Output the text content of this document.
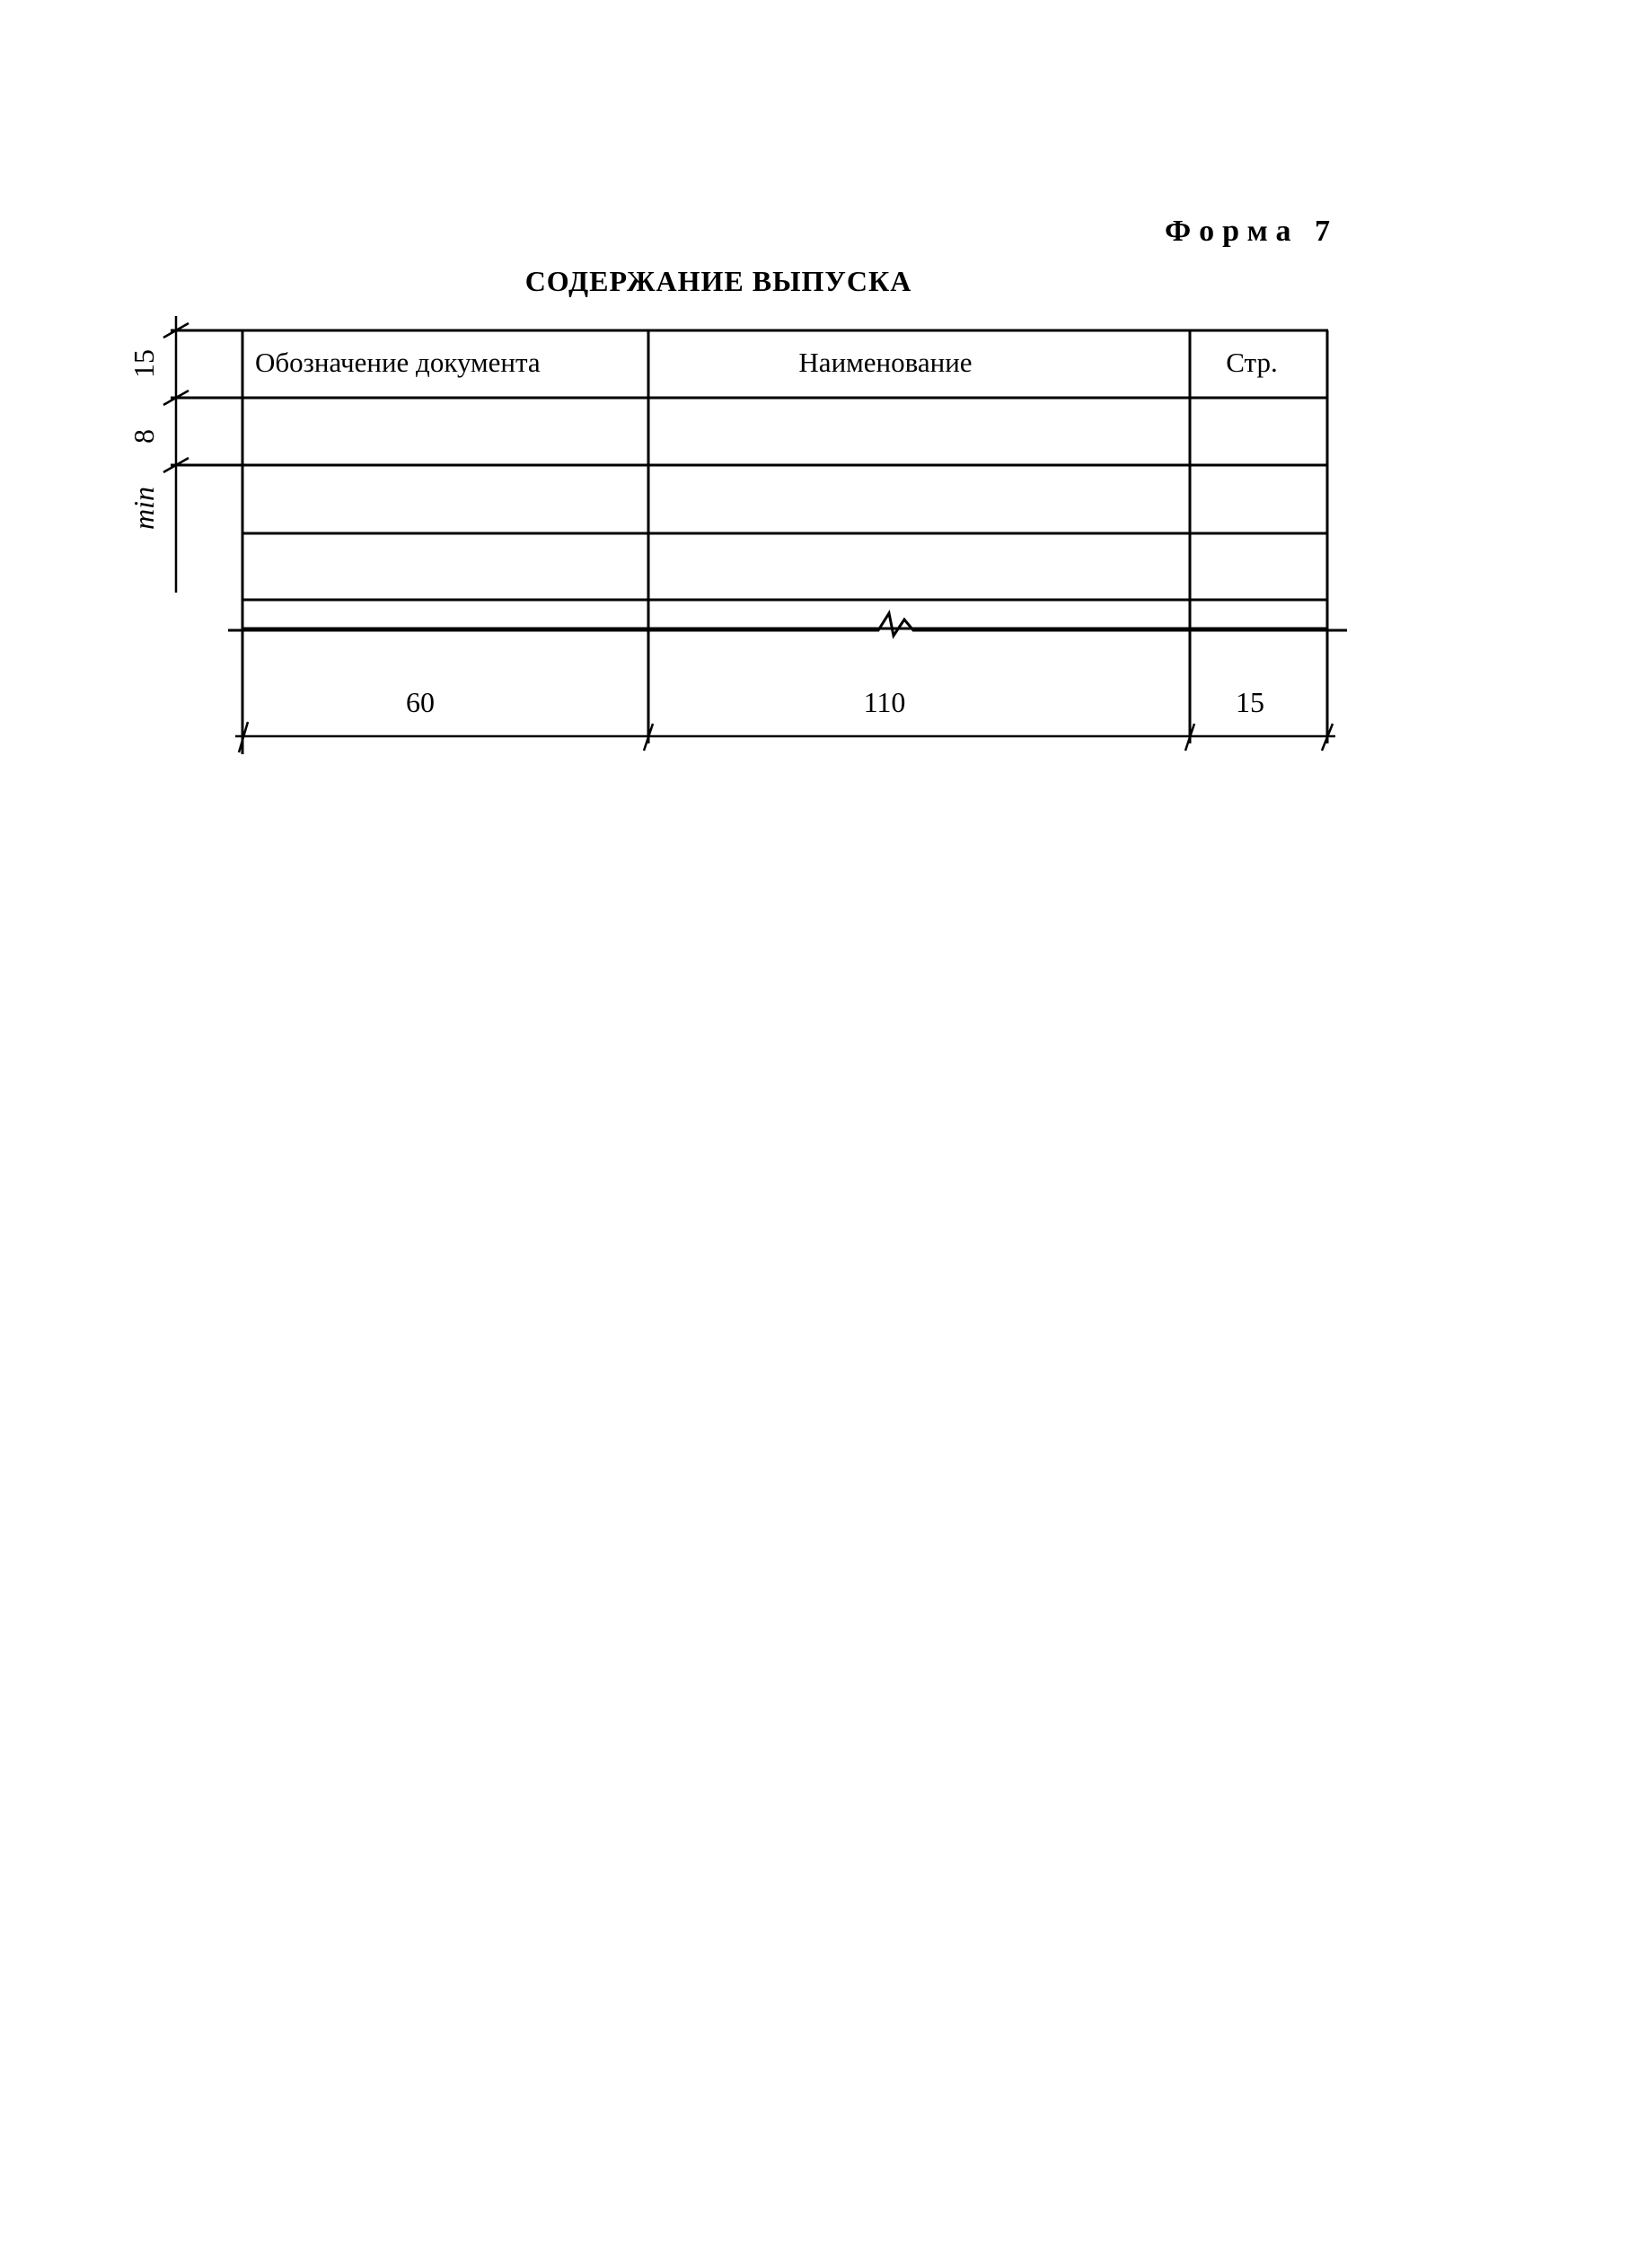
Форма 7
СОДЕРЖАНИЕ ВЫПУСКА
Обозначение документа	Наименование	Стр.
60	110	15
15
8
min
